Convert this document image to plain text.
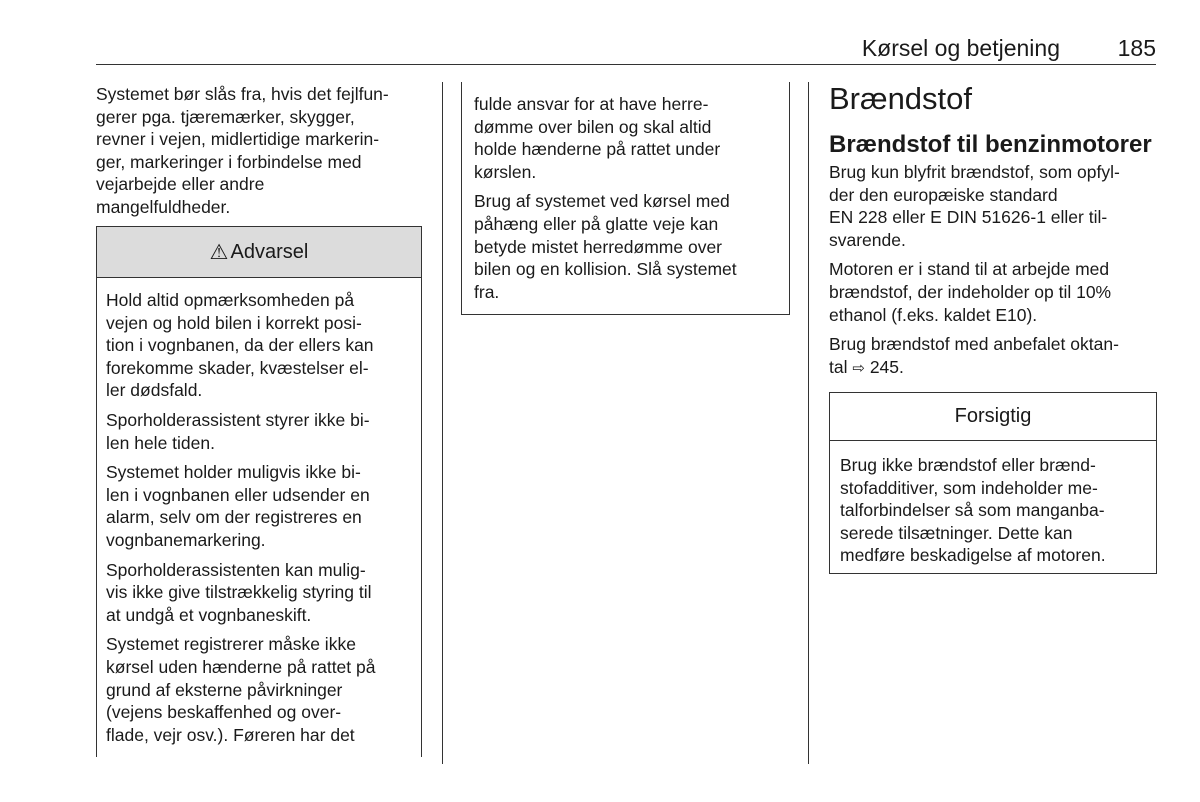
Kørsel og betjening	185

Systemet bør slås fra, hvis det fejlfun-
gerer pga. tjæremærker, skygger,
revner i vejen, midlertidige markerin-
ger, markeringer i forbindelse med
vejarbejde eller andre
mangelfuldheder.

⚠ Advarsel

Hold altid opmærksomheden på
vejen og hold bilen i korrekt posi-
tion i vognbanen, da der ellers kan
forekomme skader, kvæstelser el-
ler dødsfald.

Sporholderassistent styrer ikke bi-
len hele tiden.

Systemet holder muligvis ikke bi-
len i vognbanen eller udsender en
alarm, selv om der registreres en
vognbanemarkering.

Sporholderassistenten kan mulig-
vis ikke give tilstrækkelig styring til
at undgå et vognbaneskift.

Systemet registrerer måske ikke
kørsel uden hænderne på rattet på
grund af eksterne påvirkninger
(vejens beskaffenhed og over-
flade, vejr osv.). Føreren har det

fulde ansvar for at have herre-
dømme over bilen og skal altid
holde hænderne på rattet under
kørslen.

Brug af systemet ved kørsel med
påhæng eller på glatte veje kan
betyde mistet herredømme over
bilen og en kollision. Slå systemet
fra.

Brændstof
Brændstof til benzinmotorer

Brug kun blyfrit brændstof, som opfyl-
der den europæiske standard
EN 228 eller E DIN 51626-1 eller til-
svarende.

Motoren er i stand til at arbejde med
brændstof, der indeholder op til 10%
ethanol (f.eks. kaldet E10).

Brug brændstof med anbefalet oktan-
tal ⇨ 245.

Forsigtig

Brug ikke brændstof eller brænd-
stofadditiver, som indeholder me-
talforbindelser så som manganba-
serede tilsætninger. Dette kan
medføre beskadigelse af motoren.
